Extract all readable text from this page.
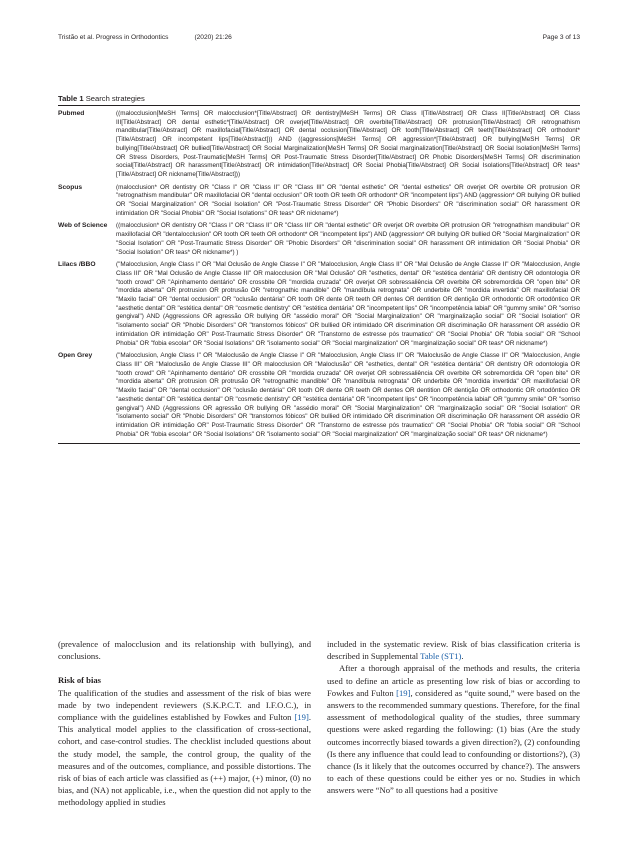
Tristão et al. Progress in Orthodontics	(2020) 21:26	Page 3 of 13
Table 1 Search strategies
Pubmed	((malocclusion[MeSH Terms] OR malocclusion*[Title/Abstract] OR dentistry[MeSH Terms] OR Class I[Title/Abstract] OR Class II[Title/Abstract] OR Class III[Title/Abstract] OR dental esthetic*[Title/Abstract] OR overjet[Title/Abstract] OR overbite[Title/Abstract] OR protrusion[Title/Abstract] OR retrognathism mandibular[Title/Abstract] OR maxillofacial[Title/Abstract] OR dental occlusion[Title/Abstract] OR tooth[Title/Abstract] OR teeth[Title/Abstract] OR orthodont*[Title/Abstract] OR incompetent lips[Title/Abstract])) AND ((aggressions[MeSH Terms] OR aggression*[Title/Abstract] OR bullying[MeSH Terms] OR bullying[Title/Abstract] OR bullied[Title/Abstract] OR Social Marginalization[MeSH Terms] OR Social marginalization[Title/Abstract] OR Social Isolation[MeSH Terms] OR Stress Disorders, Post-Traumatic[MeSH Terms] OR Post-Traumatic Stress Disorder[Title/Abstract] OR Phobic Disorders[MeSH Terms] OR discrimination social[Title/Abstract] OR harassment[Title/Abstract] OR intimidation[Title/Abstract] OR Social Phobia[Title/Abstract] OR Social Isolations[Title/Abstract] OR teas*[Title/Abstract] OR nickname[Title/Abstract]))
Scopus	(malocclusion* OR dentistry OR "Class I" OR "Class II" OR "Class III" OR "dental esthetic" OR "dental esthetics" OR overjet OR overbite OR protrusion OR "retrognathism mandibular" OR maxillofacial OR "dental occlusion" OR tooth OR teeth OR orthodont* OR "incompetent lips") AND (aggression* OR bullying OR bullied OR "Social Marginalization" OR "Social Isolation" OR "Post-Traumatic Stress Disorder" OR "Phobic Disorders" OR "discrimination social" OR harassment OR intimidation OR "Social Phobia" OR "Social Isolations" OR teas* OR nickname*)
Web of Science	((malocclusion* OR dentistry OR "Class I" OR "Class II" OR "Class III" OR "dental esthetic" OR overjet OR overbite OR protrusion OR "retrognathism mandibular" OR maxillofacial OR "dentalocclusion" OR tooth OR teeth OR orthodont* OR "incompetent lips") AND (aggression* OR bullying OR bullied OR "Social Marginalization" OR "Social Isolation" OR "Post-Traumatic Stress Disorder" OR "Phobic Disorders" OR "discrimination social" OR harassment OR intimidation OR "Social Phobia" OR "Social Isolation" OR teas* OR nickname*) )
Lilacs /BBO	("Malocclusion, Angle Class I" OR "Mal Oclusão de Angle Classe I" OR "Malocclusion, Angle Class II" OR "Mal Oclusão de Angle Classe II" OR "Malocclusion, Angle Class III" OR "Mal Oclusão de Angle Classe III" OR malocclusion OR "Mal Oclusão" OR "esthetics, dental" OR "estética dentária" OR dentistry OR odontologia OR "tooth crowd" OR "Apinhamento dentário" OR crossbite OR "mordida cruzada" OR overjet OR sobressaliência OR overbite OR sobremordida OR "open bite" OR "mordida aberta" OR protrusion OR protrusão OR "retrognathic mandible" OR "mandíbula retrognata" OR underbite OR "mordida invertida" OR maxillofacial OR "Maxilo facial" OR "dental occlusion" OR "oclusão dentária" OR tooth OR dente OR teeth OR dentes OR dentition OR dentição OR orthodontic OR ortodôntico OR "aesthetic dental" OR "estética dental" OR "cosmetic dentistry" OR "estética dentária" OR "incompetent lips" OR "incompetência labial" OR "gummy smile" OR "sorriso gengival") AND (Aggressions OR agressão OR bullying OR "assédio moral" OR "Social Marginalization" OR "marginalização social" OR "Social Isolation" OR "isolamento social" OR "Phobic Disorders" OR "transtornos fóbicos" OR bullied OR intimidado OR discrimination OR discriminação OR harassment OR assédio OR intimidation OR intimidação OR" Post-Traumatic Stress Disorder" OR "Transtorno de estresse pós traumatico" OR "Social Phobia" OR "fobia social" OR "School Phobia" OR "fobia escolar" OR "Social Isolations" OR "isolamento social" OR "Social marginalization" OR "marginalização social" OR teas* OR nickname*)
Open Grey	("Malocclusion, Angle Class I" OR "Maloclusão de Angle Classe I" OR "Malocclusion, Angle Class II" OR "Maloclusão de Angle Classe II" OR "Malocclusion, Angle Class III" OR "Maloclusão de Angle Classe III" OR malocclusion OR "Maloclusão" OR "esthetics, dental" OR "estética dentária" OR dentistry OR odontologia OR "tooth crowd" OR "Apinhamento dentário" OR crossbite OR "mordida cruzada" OR overjet OR sobressaliência OR overbite OR sobremordida OR "open bite" OR "mordida aberta" OR protrusion OR protrusão OR "retrognathic mandible" OR "mandíbula retrognata" OR underbite OR "mordida invertida" OR maxillofacial OR "Maxilo facial" OR "dental occlusion" OR "oclusão dentária" OR tooth OR dente OR teeth OR dentes OR dentition OR dentição OR orthodontic OR ortodôntico OR "aesthetic dental" OR "estética dental" OR "cosmetic dentistry" OR "estética dentária" OR "incompetent lips" OR "incompetência labial" OR "gummy smile" OR "sorriso gengival") AND (Aggressions OR agressão OR bullying OR "assédio moral" OR "Social Marginalization" OR "marginalização social" OR "Social Isolation" OR "isolamento social" OR "Phobic Disorders" OR "transtornos fóbicos" OR bullied OR intimidado OR discrimination OR discriminação OR harassment OR assédio OR intimidation OR intimidação OR" Post-Traumatic Stress Disorder" OR "Transtorno de estresse pós traumatico" OR "Social Phobia" OR "fobia social" OR "School Phobia" OR "fobia escolar" OR "Social Isolations" OR "isolamento social" OR "Social marginalization" OR "marginalização social" OR teas* OR nickname*)

(prevalence of malocclusion and its relationship with bullying), and conclusions.

Risk of bias

The qualification of the studies and assessment of the risk of bias were made by two independent reviewers (S.K.P.C.T. and I.F.O.C.), in compliance with the guidelines established by Fowkes and Fulton [19]. This analytical model applies to the classification of cross-sectional, cohort, and case-control studies. The checklist included questions about the study model, the sample, the control group, the quality of the measures and of the outcomes, compliance, and possible distortions. The risk of bias of each article was classified as (++) major, (+) minor, (0) no bias, and (NA) not applicable, i.e., when the question did not apply to the methodology applied in studies

included in the systematic review. Risk of bias classification criteria is described in Supplemental Table (ST1).

After a thorough appraisal of the methods and results, the criteria used to define an article as presenting low risk of bias or according to Fowkes and Fulton [19], considered as “quite sound,” were based on the answers to the recommended summary questions. Therefore, for the final assessment of methodological quality of the studies, three summary questions were asked regarding the following: (1) bias (Are the study outcomes incorrectly biased towards a given direction?), (2) confounding (Is there any influence that could lead to confounding or distortions?), (3) chance (Is it likely that the outcomes occurred by chance?). The answers to each of these questions could be either yes or no. Studies in which answers were “No” to all questions had a positive
